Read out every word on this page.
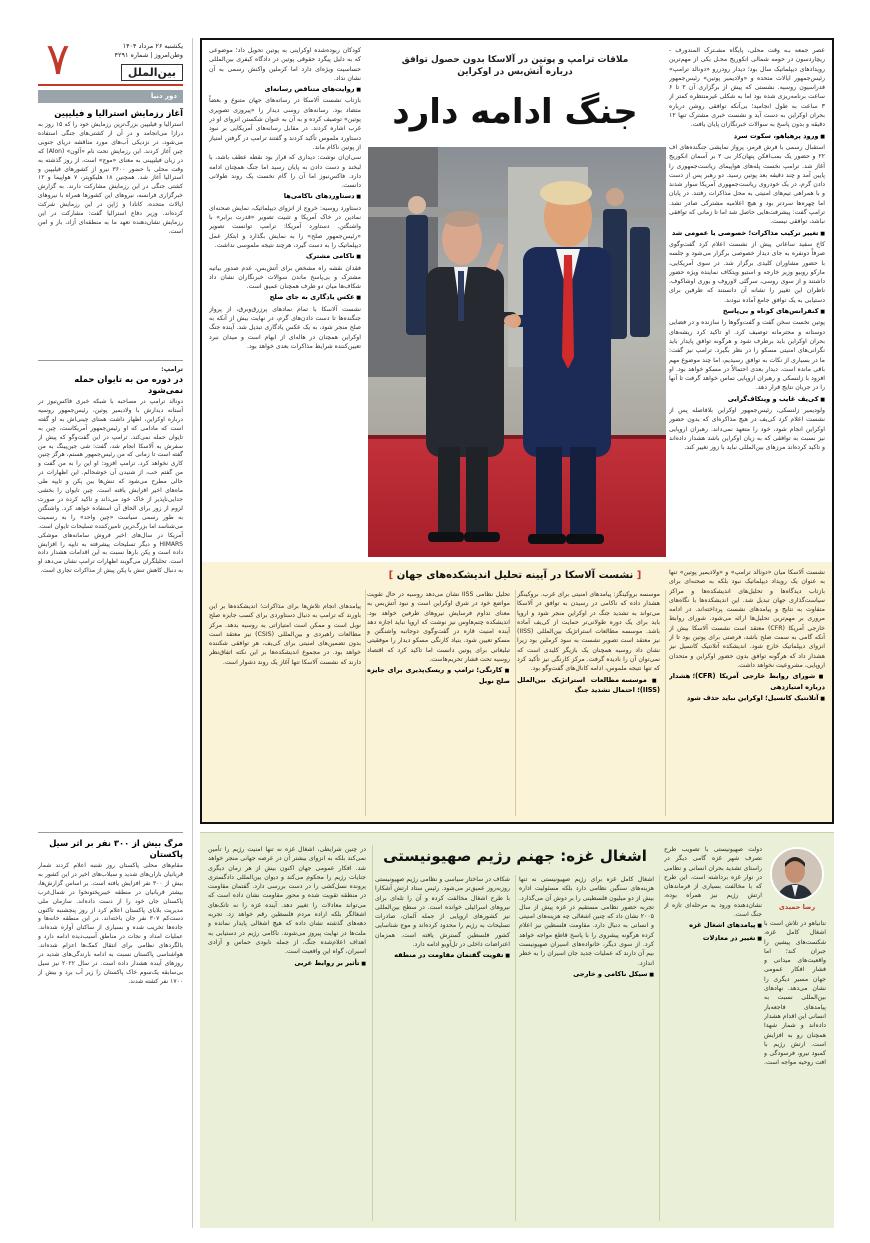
۷	یکشنبه ۲۶ مرداد ۱۴۰۴
وطن‌امروز | شماره ۴۲۹۱
بین‌الملل
دور دنیا
آغاز رزمایش استرالیا و فیلیپین
استرالیا و فیلیپین بزرگ‌ترین رزمایش خود را که ۱۵ روز به درازا می‌انجامد و در آن از کشتی‌های جنگی استفاده می‌شود، در نزدیکی آب‌های مورد مناقشه دریای جنوبی چین آغاز کردند. این رزمایش تحت نام «آلون» (Alon) که در زبان فیلیپینی به معنای «موج» است، از روز گذشته به وقت محلی با حضور ۳۶۰۰ نیرو از کشورهای فیلیپین و استرالیا آغاز شد. همچنین ۱۸ هلیکوپتر، ۷ هواپیما و ۱۲ کشتی جنگی در این رزمایش مشارکت دارند. به گزارش خبرگزاری فرانسه، نیروهای این کشورها همراه با نیروهای ایالات متحده، کانادا و ژاپن در این رزمایش شرکت کرده‌اند. وزیر دفاع استرالیا گفت: مشارکت در این رزمایش نشان‌دهنده تعهد ما به منطقه‌ای آزاد، باز و امن است.
ترامپ:
در دوره من به تایوان حمله نمی‌شود
دونالد ترامپ در مصاحبه با شبکه خبری فاکس‌نیوز در آستانه دیدارش با ولادیمیر پوتین، رئیس‌جمهور روسیه درباره اوکراین، اظهار داشت همتای چینی‌اش به او گفته است که مادامی که او رئیس‌جمهور آمریکاست، چین به تایوان حمله نمی‌کند. ترامپ در این گفت‌وگو که پیش از سفرش به آلاسکا انجام شد، گفت: شی جین‌پینگ به من گفته است تا زمانی که من رئیس‌جمهور هستم، هرگز چنین کاری نخواهد کرد. ترامپ افزود: او این را به من گفت و من گفتم خب، از شنیدن آن خوشحالم. این اظهارات در حالی مطرح می‌شود که تنش‌ها بین پکن و تایپه طی ماه‌های اخیر افزایش یافته است. چین تایوان را بخشی جدایی‌ناپذیر از خاک خود می‌داند و تاکید کرده در صورت لزوم از زور برای الحاق آن استفاده خواهد کرد. واشنگتن به طور رسمی سیاست «چین واحد» را به رسمیت می‌شناسد اما بزرگ‌ترین تامین‌کننده تسلیحات تایوان است. آمریکا در سال‌های اخیر فروش سامانه‌های موشکی HIMARS و دیگر تسلیحات پیشرفته به تایپه را افزایش داده است و پکن بارها نسبت به این اقدامات هشدار داده است. تحلیلگران می‌گویند اظهارات ترامپ نشان می‌دهد او به دنبال کاهش تنش با پکن پیش از مذاکرات تجاری است.
مرگ بیش از ۳۰۰ نفر بر اثر سیل پاکستان
مقام‌های محلی پاکستان روز شنبه اعلام کردند شمار قربانیان باران‌های شدید و سیلاب‌های اخیر در این کشور به بیش از ۳۰۰ نفر افزایش یافته است. بر اساس گزارش‌ها، بیشتر قربانیان در منطقه خیبرپختونخوا در شمال‌غرب پاکستان جان خود را از دست داده‌اند. سازمان ملی مدیریت بلایای پاکستان اعلام کرد از روز پنجشنبه تاکنون دست‌کم ۳۰۷ نفر جان باخته‌اند. در این منطقه خانه‌ها و جاده‌ها تخریب شده و بسیاری از ساکنان آواره شده‌اند. عملیات امداد و نجات در مناطق آسیب‌دیده ادامه دارد و بالگردهای نظامی برای انتقال کمک‌ها اعزام شده‌اند. هواشناسی پاکستان نسبت به ادامه بارندگی‌های شدید در روزهای آینده هشدار داده است. در سال ۲۰۲۲ نیز سیل بی‌سابقه یک‌سوم خاک پاکستان را زیر آب برد و بیش از ۱۷۰۰ نفر کشته شدند.

عصر جمعه بـه وقت محلی، پایگاه مشـترک المندورف - ریچاردسون در حومه شمالی انکوریج محـل یکی از مهم‌ترین رویدادهای دیپلماتیک سال بود؛ دیدار رودررو «دونالد ترامپ» رئیس‌جمهور ایالات متحده و «ولادیمیر پوتین» رئیس‌جمهور فدراسیون روسیه. نشستی که پیش از برگزاری آن ۲ تا ۶ ساعت برنامه‌ریزی شده بود اما به شکلی غیرمنتظره کمتر از ۳ ساعت به طول انجامید؛ بی‌آنکه توافقی روشن درباره بحران اوکراین به دست آید و نشست خبری مشترک تنها ۱۲ دقیقه و بدون پاسخ به سوالات خبرنگاران پایان یافت.

■ ورود پرهیاهو، سکوت سرد

استقبال رسمی با فرش قرمز، پرواز نمایشی جنگنده‌های اف ۲۲ و حضور یک بمب‌افکن پنهان‌کار بی ۲ بر آسمان انکوریج آغاز شد. ترامپ نخست پله‌های هواپیمای ریاست‌جمهوری را پایین آمد و چند دقیقه بعد پوتین رسید. دو رهبر پس از دست دادن گرم، در یک خودروی ریاست‌جمهوری آمریکا سوار شدند و با همراهی تیم‌های امنیتی به محل مذاکرات رفتند. در پایان اما چهره‌ها سردتر بود و هیچ اعلامیه مشترکی صادر نشد. ترامپ گفت: پیشرفت‌هایی حاصل شد اما تا زمانی که توافقی نباشد، توافقی نیست.

■ تغییر ترکیب مذاکرات؛ خصوصی یا عمومی شد

کاخ سفید ساعاتی پیش از نشست اعلام کرد گفت‌وگوی صرفاً دونفره به جای دیدار خصوصی برگزار می‌شود و جلسه با حضور مشاوران کلیدی برگزار شد. در سوی آمریکایی، مارکو روبیو وزیر خارجه و استیو ویتکاف نماینده ویژه حضور داشتند و از سوی روسی، سرگئی لاوروف و یوری اوشاکوف. ناظران این تغییر را نشانه آن دانستند که طرفین برای دستیابی به یک توافق جامع آماده نبودند.

■ کنفرانس‌های کوتاه و بی‌پاسخ

پوتین نخست سخن گفت و گفت‌وگوها را سازنده و در فضایی دوستانه و محترمانه توصیف کرد. او تاکید کرد ریشه‌های بحران اوکراین باید برطرف شود و هرگونه توافق پایدار باید نگرانی‌های امنیتی مسکو را در نظر بگیرد. ترامپ نیز گفت: ما در بسیاری از نکات به توافق رسیدیم، اما چند موضوع مهم باقی مانده است. دیدار بعدی احتمالاً در مسکو خواهد بود. او افزود با زلنسکی و رهبران اروپایی تماس خواهد گرفت تا آنها را در جریان نتایج قرار دهد.

■ کی‌یف غایب و ویتکاف‌گرایی

ولودیمیر زلنسکی، رئیس‌جمهور اوکراین بلافاصله پس از نشست اعلام کرد کی‌یف در هیچ مذاکره‌ای که بدون حضور اوکراین انجام شود، خود را متعهد نمی‌داند. رهبران اروپایی نیز نسبت به توافقی که به زیان اوکراین باشد هشدار داده‌اند و تاکید کرده‌اند مرزهای بین‌المللی نباید با زور تغییر کند.

ملاقات ترامپ و پوتین در آلاسکا بدون حصول توافق
درباره آتش‌بس در اوکراین
جنگ ادامه دارد

کودکان ربوده‌شده اوکراینی به پوتین تحویل داد؛ موضوعی که به دلیل پیگرد حقوقی پوتین در دادگاه کیفری بین‌المللی حساسیت ویژه‌ای دارد اما کرملین واکنش رسمی به آن نشان نداد.

■ روایت‌های متناقض رسانه‌ای

بازتاب نشست آلاسکا در رسانه‌های جهان متنوع و بعضاً متضاد بود. رسانه‌های روسی دیدار را «پیروزی تصویری پوتین» توصیف کرده و به آن به عنوان شکستن انزوای او در غرب اشاره کردند. در مقابل رسانه‌های آمریکایی بر نبود دستاورد ملموس تأکید کردند و گفتند ترامپ در گرفتن امتیاز از پوتین ناکام ماند.

سی‌ان‌ان نوشت: دیداری که قرار بود نقطه عطف باشد، با لبخند و دست دادن به پایان رسید اما جنگ همچنان ادامه دارد. فاکس‌نیوز اما آن را گام نخست یک روند طولانی دانست.

■ دستاوردهای ناکامی‌ها

دستاورد روسیه: خروج از انزوای دیپلماتیک، نمایش صحنه‌ای نمادین در خاک آمریکا و تثبیت تصویر «قدرت برابر» با واشنگتن. دستاورد آمریکا: ترامپ توانست تصویر «رئیس‌جمهور صلح» را به نمایش بگذارد و ابتکار عمل دیپلماتیک را به دست گیرد، هرچند نتیجه ملموسی نداشت.

■ ناکامی مشترک

فقدان نقشه راه مشخص برای آتش‌بس، عدم صدور بیانیه مشترک و بی‌پاسخ ماندن سوالات خبرنگاران نشان داد شکاف‌ها میان دو طرف همچنان عمیق است.

■ عکس یادگاری به جای صلح

نشست آلاسکا با تمام نمادهای پرزرق‌وبرق، از پرواز جنگنده‌ها تا دست دادن‌های گرم، در نهایت بیش از آنکه به صلح منجر شود، به یک عکس یادگاری تبدیل شد. آینده جنگ اوکراین همچنان در هاله‌ای از ابهام است و میدان نبرد تعیین‌کننده شرایط مذاکرات بعدی خواهد بود.

نشست آلاسکا میان «دونالد ترامپ» و «ولادیمیر پوتین» تنها به عنوان یک رویداد دیپلماتیک نبود بلکه به صحنه‌ای برای بازتاب دیدگاه‌ها و تحلیل‌های اندیشکده‌ها و مراکز سیاست‌گذاری جهان تبدیل شد. این اندیشکده‌ها با نگاه‌های متفاوت به نتایج و پیامدهای نشست پرداخته‌اند. در ادامه مروری بر مهم‌ترین تحلیل‌ها ارائه می‌شود. شورای روابط خارجی آمریکا (CFR) معتقد است نشست آلاسکا بیش از آنکه گامی به سمت صلح باشد، فرصتی برای پوتین بود تا از انزوای دیپلماتیک خارج شود. اندیشکده آتلانتیک کانسیل نیز هشدار داد که هرگونه توافق بدون حضور اوکراین و متحدان اروپایی، مشروعیت نخواهد داشت.

■ شورای روابط خارجی آمریکا (CFR)؛ هشدار درباره امتیازدهی
■ آتلانتیک کانسیل؛ اوکراین نباید حذف شود
[ نشست آلاسکا در آیینه تحلیل اندیشکده‌های جهان ]

موسسه بروکینگز: پیامدهای امنیتی برای غرب. بروکینگز هشدار داده که ناکامی در رسیدن به توافق در آلاسکا می‌تواند به تشدید جنگ در اوکراین منجر شود و اروپا باید برای یک دوره طولانی‌تر حمایت از کی‌یف آماده باشد. موسسه مطالعات استراتژیک بین‌المللی (IISS) نیز معتقد است تصویر نشست به سود کرملین بود زیرا نشان داد روسیه همچنان یک بازیگر کلیدی است که نمی‌توان آن را نادیده گرفت. مرکز کارنگی نیز تأکید کرد که تنها نتیجه ملموس، ادامه کانال‌های گفت‌وگو بود.

■ موسسه مطالعات استراتژیک بین‌الملل (IISS)؛ احتمال تشدید جنگ

تحلیل نظامی IISS نشان می‌دهد روسیه در حال تقویت مواضع خود در شرق اوکراین است و نبود آتش‌بس به معنای تداوم فرسایش نیروهای طرفین خواهد بود. اندیشکده چتم‌هاوس نیز نوشت که اروپا نباید اجازه دهد آینده امنیت قاره در گفت‌وگوی دوجانبه واشنگتن و مسکو تعیین شود. بنیاد کارنگی مسکو دیدار را موفقیتی تبلیغاتی برای پوتین دانست اما تاکید کرد که اقتصاد روسیه تحت فشار تحریم‌هاست.

■ کارنگی؛ ترامپ و ریسک‌پذیری برای جایزه صلح نوبل

پیامدهای انجام تلاش‌ها برای مذاکرات؛ اندیشکده‌ها بر این باورند که ترامپ به دنبال دستاوردی برای کسب جایزه صلح نوبل است و ممکن است امتیازاتی به روسیه بدهد. مرکز مطالعات راهبردی و بین‌المللی (CSIS) نیز معتقد است بدون تضمین‌های امنیتی برای کی‌یف، هر توافقی شکننده خواهد بود. در مجموع اندیشکده‌ها بر این نکته اتفاق‌نظر دارند که نشست آلاسکا تنها آغاز یک روند دشوار است.

رضا حمیدی

نتانیاهو در تلاش است با اشغال کامل غزه، شکست‌های پیشین را جبران کند؛ اما واقعیت‌های میدانی و فشار افکار عمومی جهان مسیر دیگری را نشان می‌دهد. نهادهای بین‌المللی نسبت به پیامدهای فاجعه‌بار انسانی این اقدام هشدار داده‌اند و شمار شهدا همچنان رو به افزایش است. ارتش رژیم با کمبود نیرو، فرسودگی و افت روحیه مواجه است.

دولت صهیونیستی با تصویب طرح تصرف شهر غزه گامی دیگر در راستای تشدید بحران انسانی و نظامی در نوار غزه برداشته است. این طرح که با مخالفت بسیاری از فرماندهان ارتش رژیم نیز همراه بوده، نشان‌دهنده ورود به مرحله‌ای تازه از جنگ است.

■ پیامدهای اشغال غزه
■ تغییر در معادلات
اشغال غزه: جهنم رژیم صهیونیستی

اشغال کامل غزه برای رژیم صهیونیستی نه تنها هزینه‌های سنگین نظامی دارد بلکه مسئولیت اداره بیش از دو میلیون فلسطینی را بر دوش آن می‌گذارد. تجربه حضور نظامی مستقیم در غزه پیش از سال ۲۰۰۵ نشان داد که چنین اشغالی چه هزینه‌های امنیتی و انسانی به دنبال دارد. مقاومت فلسطین نیز اعلام کرده هرگونه پیشروی را با پاسخ قاطع مواجه خواهد کرد. از سوی دیگر، خانواده‌های اسیران صهیونیست بیم آن دارند که عملیات جدید جان اسیران را به خطر اندازد.

■ سیکل ناکامی و خارجی

شکاف در ساختار سیاسی و نظامی رژیم صهیونیستی روزبه‌روز عمیق‌تر می‌شود. رئیس ستاد ارتش آشکارا با طرح اشغال مخالفت کرده و آن را تله‌ای برای نیروهای اسرائیلی خوانده است. در سطح بین‌المللی نیز کشورهای اروپایی از جمله آلمان، صادرات تسلیحات به رژیم را محدود کرده‌اند و موج شناسایی کشور فلسطین گسترش یافته است. همزمان اعتراضات داخلی در تل‌آویو ادامه دارد.

■ تقویت گفتمان مقاومت در منطقه

در چنین شرایطی، اشغال غزه نه تنها امنیت رژیم را تأمین نمی‌کند بلکه به انزوای بیشتر آن در عرصه جهانی منجر خواهد شد. افکار عمومی جهان اکنون بیش از هر زمان دیگری جنایات رژیم را محکوم می‌کند و دیوان بین‌المللی دادگستری پرونده نسل‌کشی را در دست بررسی دارد. گفتمان مقاومت در منطقه تقویت شده و محور مقاومت نشان داده است که می‌تواند معادلات را تغییر دهد. آینده غزه را نه تانک‌های اشغالگر بلکه اراده مردم فلسطین رقم خواهد زد. تجربه دهه‌های گذشته نشان داده که هیچ اشغالی پایدار نمانده و ملت‌ها در نهایت پیروز می‌شوند. ناکامی رژیم در دستیابی به اهداف اعلام‌شده جنگ، از جمله نابودی حماس و آزادی اسیران، گواه این واقعیت است.

■ تأثیر بر روابط عربی
